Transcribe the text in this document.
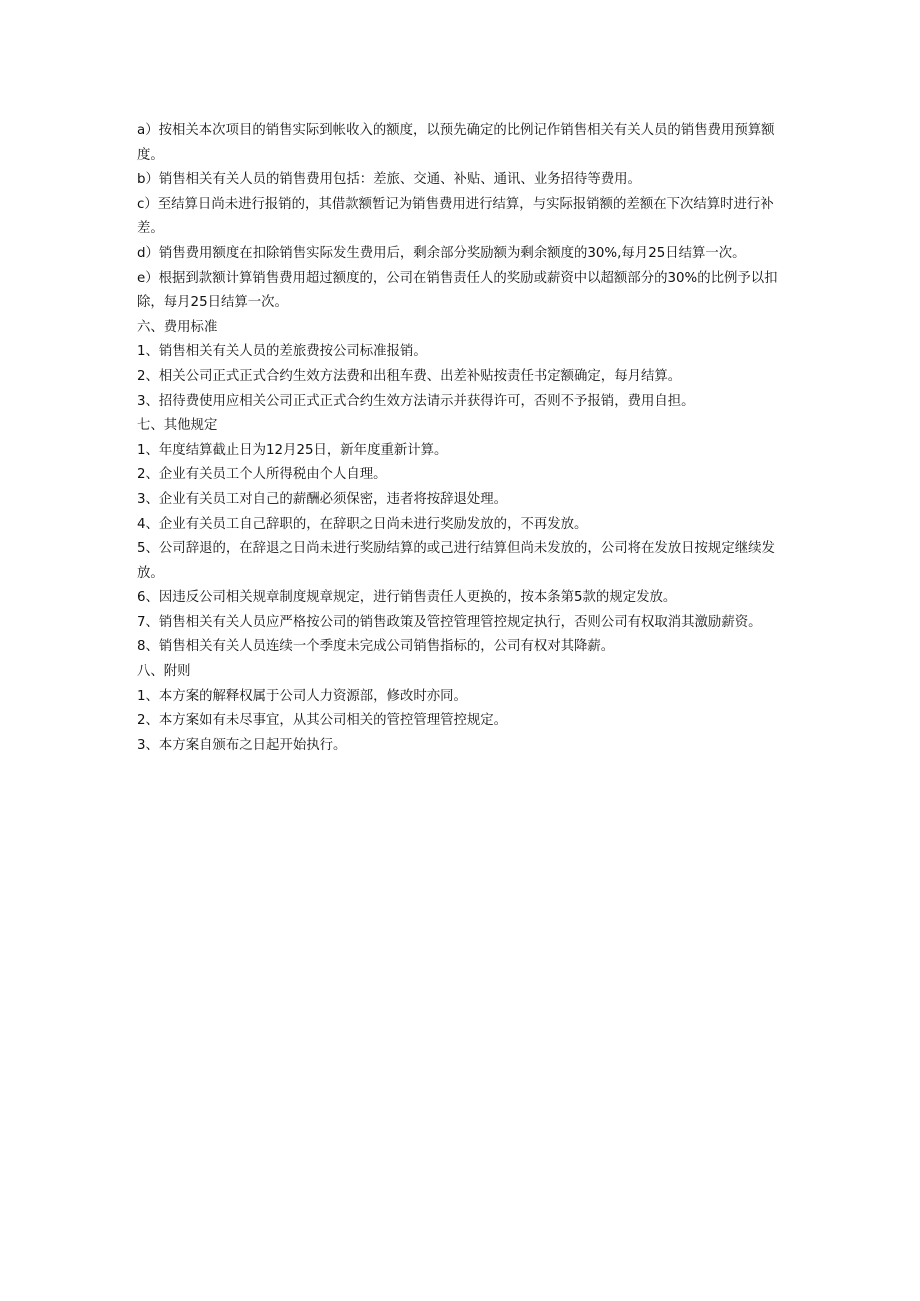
a）按相关本次项目的销售实际到帐收入的额度，以预先确定的比例记作销售相关有关人员的销售费用预算额度。

b）销售相关有关人员的销售费用包括：差旅、交通、补贴、通讯、业务招待等费用。

c）至结算日尚未进行报销的，其借款额暂记为销售费用进行结算，与实际报销额的差额在下次结算时进行补差。

d）销售费用额度在扣除销售实际发生费用后，剩余部分奖励额为剩余额度的30%,每月25日结算一次。

e）根据到款额计算销售费用超过额度的，公司在销售责任人的奖励或薪资中以超额部分的30%的比例予以扣除，每月25日结算一次。

六、费用标准

1、销售相关有关人员的差旅费按公司标准报销。

2、相关公司正式正式合约生效方法费和出租车费、出差补贴按责任书定额确定，每月结算。

3、招待费使用应相关公司正式正式合约生效方法请示并获得许可，否则不予报销，费用自担。

七、其他规定

1、年度结算截止日为12月25日，新年度重新计算。

2、企业有关员工个人所得税由个人自理。

3、企业有关员工对自己的薪酬必须保密，违者将按辞退处理。

4、企业有关员工自己辞职的，在辞职之日尚未进行奖励发放的，不再发放。

5、公司辞退的，在辞退之日尚未进行奖励结算的或己进行结算但尚未发放的，公司将在发放日按规定继续发放。

6、因违反公司相关规章制度规章规定，进行销售责任人更换的，按本条第5款的规定发放。

7、销售相关有关人员应严格按公司的销售政策及管控管理管控规定执行，否则公司有权取消其激励薪资。

8、销售相关有关人员连续一个季度未完成公司销售指标的，公司有权对其降薪。

八、附则

1、本方案的解释权属于公司人力资源部，修改时亦同。

2、本方案如有未尽事宜，从其公司相关的管控管理管控规定。

3、本方案自颁布之日起开始执行。
